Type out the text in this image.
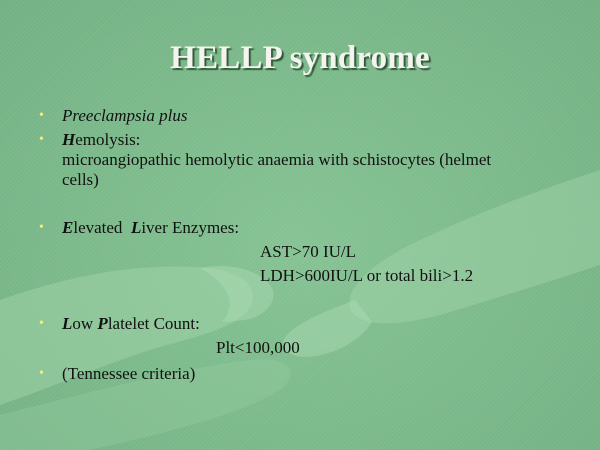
HELLP syndrome
• Preeclampsia plus
• Hemolysis:
microangiopathic hemolytic anaemia with schistocytes (helmet
cells)
• Elevated Liver Enzymes:
AST>70 IU/L
LDH>600IU/L or total bili>1.2
• Low Platelet Count:
Plt<100,000
• (Tennessee criteria)
